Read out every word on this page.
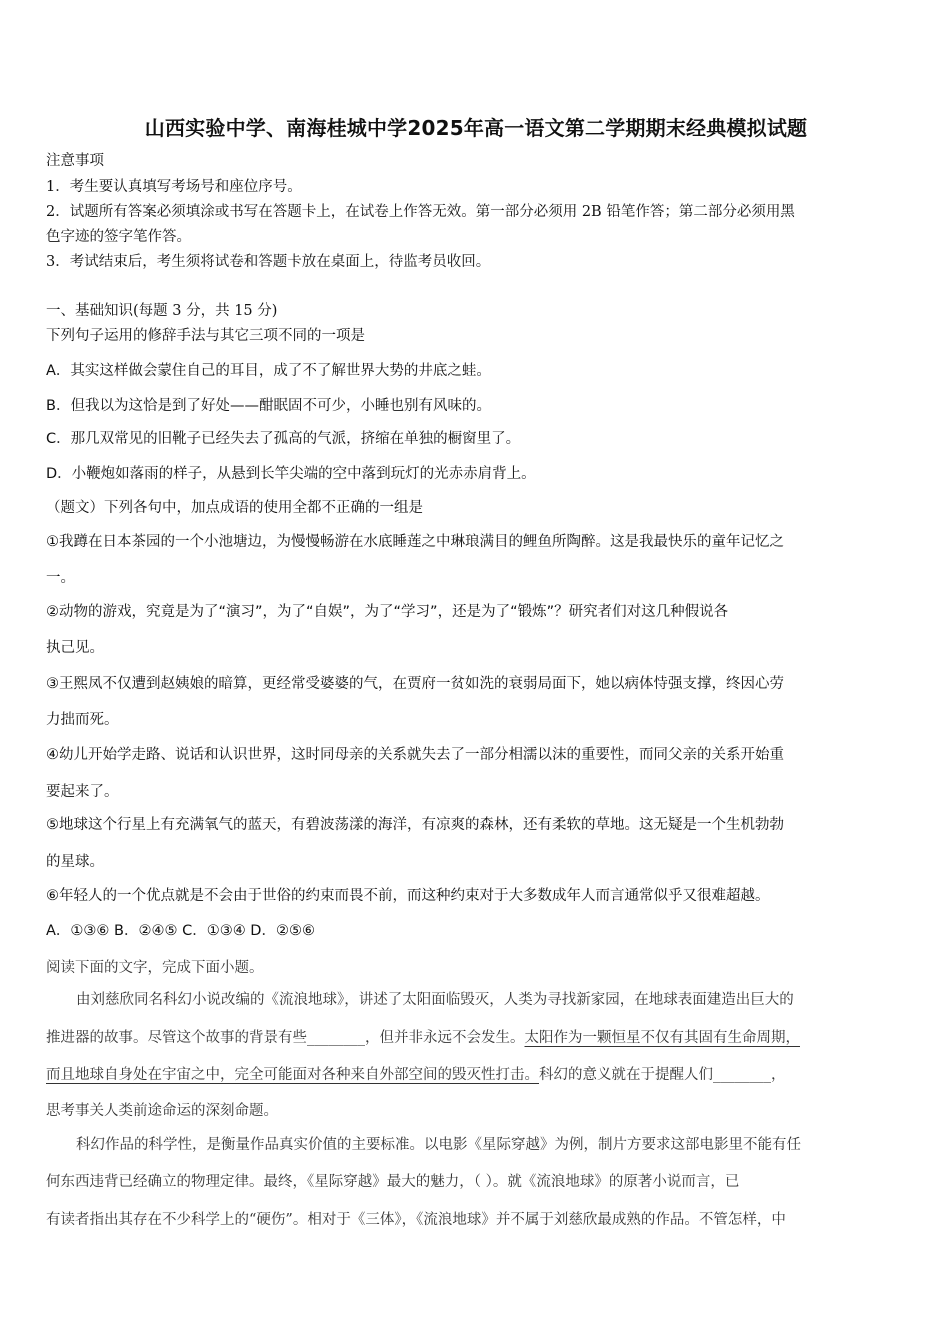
山西实验中学、南海桂城中学2025年高一语文第二学期期末经典模拟试题
注意事项
1．考生要认真填写考场号和座位序号。
2．试题所有答案必须填涂或书写在答题卡上，在试卷上作答无效。第一部分必须用 2B 铅笔作答；第二部分必须用黑
色字迹的签字笔作答。
3．考试结束后，考生须将试卷和答题卡放在桌面上，待监考员收回。
一、基础知识(每题 3 分，共 15 分)
下列句子运用的修辞手法与其它三项不同的一项是
A．其实这样做会蒙住自己的耳目，成了不了解世界大势的井底之蛙。
B．但我以为这恰是到了好处——酣眠固不可少，小睡也别有风味的。
C．那几双常见的旧靴子已经失去了孤高的气派，挤缩在单独的橱窗里了。
D．小鞭炮如落雨的样子，从悬到长竿尖端的空中落到玩灯的光赤赤肩背上。
（题文）下列各句中，加点成语的使用全都不正确的一组是
①我蹲在日本茶园的一个小池塘边，为慢慢畅游在水底睡莲之中琳琅满目的鲤鱼所陶醉。这是我最快乐的童年记忆之
一。
②动物的游戏，究竟是为了“演习”，为了“自娱”，为了“学习”，还是为了“锻炼”？研究者们对这几种假说各
执己见。
③王熙凤不仅遭到赵姨娘的暗算，更经常受婆婆的气，在贾府一贫如洗的衰弱局面下，她以病体恃强支撑，终因心劳
力拙而死。
④幼儿开始学走路、说话和认识世界，这时同母亲的关系就失去了一部分相濡以沫的重要性，而同父亲的关系开始重
要起来了。
⑤地球这个行星上有充满氧气的蓝天，有碧波荡漾的海洋，有凉爽的森林，还有柔软的草地。这无疑是一个生机勃勃
的星球。
⑥年轻人的一个优点就是不会由于世俗的约束而畏不前，而这种约束对于大多数成年人而言通常似乎又很难超越。
A．①③⑥ B．②④⑤ C．①③④ D．②⑤⑥
阅读下面的文字，完成下面小题。
由刘慈欣同名科幻小说改编的《流浪地球》，讲述了太阳面临毁灭，人类为寻找新家园，在地球表面建造出巨大的
推进器的故事。尽管这个故事的背景有些________，但并非永远不会发生。太阳作为一颗恒星不仅有其固有生命周期，
而且地球自身处在宇宙之中，完全可能面对各种来自外部空间的毁灭性打击。科幻的意义就在于提醒人们________，
思考事关人类前途命运的深刻命题。
科幻作品的科学性，是衡量作品真实价值的主要标准。以电影《星际穿越》为例，制片方要求这部电影里不能有任
何东西违背已经确立的物理定律。最终，《星际穿越》最大的魅力，（ ）。就《流浪地球》的原著小说而言，已
有读者指出其存在不少科学上的“硬伤”。相对于《三体》，《流浪地球》并不属于刘慈欣最成熟的作品。不管怎样，中
